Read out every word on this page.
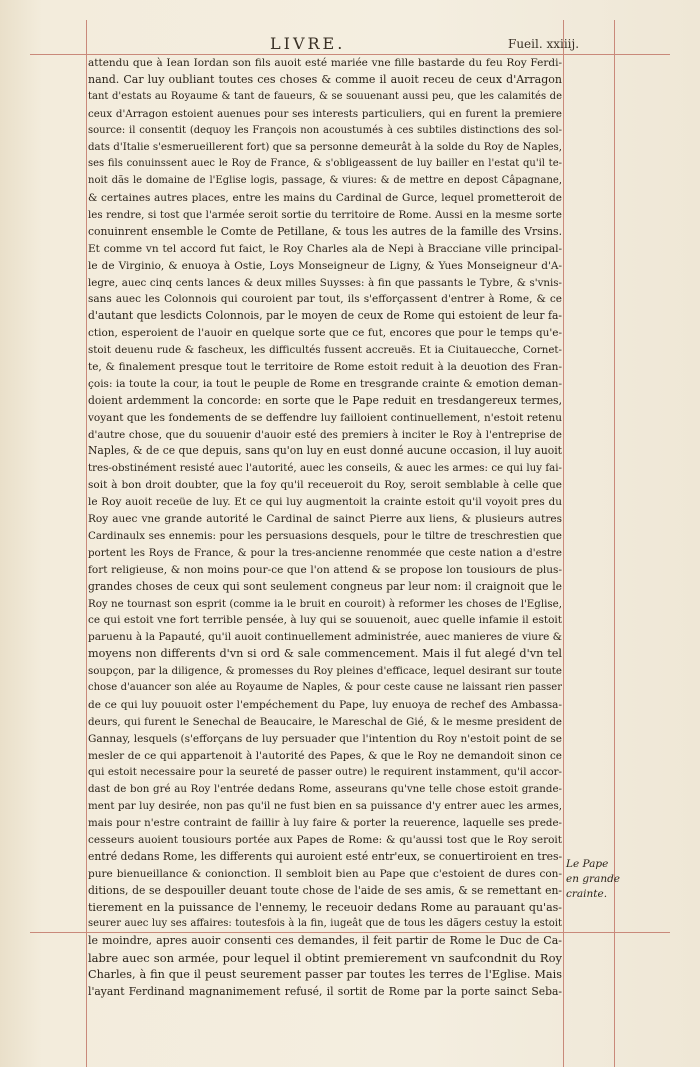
LIVRE.	Fueil. xxiiij.
attendu que à Iean Iordan son fils auoit esté mariée vne fille bastarde du feu Roy Ferdi-
nand. Car luy oubliant toutes ces choses & comme il auoit receu de ceux d'Arragon
tant d'estats au Royaume & tant de faueurs, & se souuenant aussi peu, que les calamités de
ceux d'Arragon estoient auenues pour ses interests particuliers, qui en furent la premiere
source: il consentit (dequoy les François non acoustumés à ces subtiles distinctions des sol-
dats d'Italie s'esmerueillerent fort) que sa personne demeurât à la solde du Roy de Naples,
ses fils conuinssent auec le Roy de France, & s'obligeassent de luy bailler en l'estat qu'il te-
noit dãs le domaine de l'Eglise logis, passage, & viures: & de mettre en depost Câpagnane,
& certaines autres places, entre les mains du Cardinal de Gurce, lequel prometteroit de
les rendre, si tost que l'armée seroit sortie du territoire de Rome. Aussi en la mesme sorte
conuinrent ensemble le Comte de Petillane, & tous les autres de la famille des Vrsins.
Et comme vn tel accord fut faict, le Roy Charles ala de Nepi à Bracciane ville principal-
le de Virginio, & enuoya à Ostie, Loys Monseigneur de Ligny, & Yues Monseigneur d'A-
legre, auec cinq cents lances & deux milles Suysses: à fin que passants le Tybre, & s'vnis-
sans auec les Colonnois qui couroient par tout, ils s'efforçassent d'entrer à Rome, & ce
d'autant que lesdicts Colonnois, par le moyen de ceux de Rome qui estoient de leur fa-
ction, esperoient de l'auoir en quelque sorte que ce fut, encores que pour le temps qu'e-
stoit deuenu rude & fascheux, les difficultés fussent accreuës. Et ia Ciuitauecche, Cornet-
te, & finalement presque tout le territoire de Rome estoit reduit à la deuotion des Fran-
çois: ia toute la cour, ia tout le peuple de Rome en tresgrande crainte & emotion deman-
doient ardemment la concorde: en sorte que le Pape reduit en tresdangereux termes,
voyant que les fondements de se deffendre luy failloient continuellement, n'estoit retenu
d'autre chose, que du souuenir d'auoir esté des premiers à inciter le Roy à l'entreprise de
Naples, & de ce que depuis, sans qu'on luy en eust donné aucune occasion, il luy auoit
tres-obstinément resisté auec l'autorité, auec les conseils, & auec les armes: ce qui luy fai-
soit à bon droit doubter, que la foy qu'il receueroit du Roy, seroit semblable à celle que
le Roy auoit receüe de luy. Et ce qui luy augmentoit la crainte estoit qu'il voyoit pres du
Roy auec vne grande autorité le Cardinal de sainct Pierre aux liens, & plusieurs autres
Cardinaulx ses ennemis: pour les persuasions desquels, pour le tiltre de treschrestien que
portent les Roys de France, & pour la tres-ancienne renommée que ceste nation a d'estre
fort religieuse, & non moins pour-ce que l'on attend & se propose lon tousiours de plus-
grandes choses de ceux qui sont seulement congneus par leur nom: il craignoit que le
Roy ne tournast son esprit (comme ia le bruit en couroit) à reformer les choses de l'Eglise,
ce qui estoit vne fort terrible pensée, à luy qui se souuenoit, auec quelle infamie il estoit
paruenu à la Papauté, qu'il auoit continuellement administrée, auec manieres de viure &
moyens non differents d'vn si ord & sale commencement. Mais il fut alegé d'vn tel
soupçon, par la diligence, & promesses du Roy pleines d'efficace, lequel desirant sur toute
chose d'auancer son alée au Royaume de Naples, & pour ceste cause ne laissant rien passer
de ce qui luy pouuoit oster l'empéchement du Pape, luy enuoya de rechef des Ambassa-
deurs, qui furent le Senechal de Beaucaire, le Mareschal de Gié, & le mesme president de
Gannay, lesquels (s'efforçans de luy persuader que l'intention du Roy n'estoit point de se
mesler de ce qui appartenoit à l'autorité des Papes, & que le Roy ne demandoit sinon ce
qui estoit necessaire pour la seureté de passer outre) le requirent instamment, qu'il accor-
dast de bon gré au Roy l'entrée dedans Rome, asseurans qu'vne telle chose estoit grande-
ment par luy desirée, non pas qu'il ne fust bien en sa puissance d'y entrer auec les armes,
mais pour n'estre contraint de faillir à luy faire & porter la reuerence, laquelle ses prede-
cesseurs auoient tousiours portée aux Papes de Rome: & qu'aussi tost que le Roy seroit
entré dedans Rome, les differents qui auroient esté entr'eux, se conuertiroient en tres-
pure bienueillance & conionction. Il sembloit bien au Pape que c'estoient de dures con-
ditions, de se despouiller deuant toute chose de l'aide de ses amis, & se remettant en-
tierement en la puissance de l'ennemy, le receuoir dedans Rome au parauant qu'as-
seurer auec luy ses affaires: toutesfois à la fin, iugeât que de tous les dãgers cestuy la estoit
le moindre, apres auoir consenti ces demandes, il feit partir de Rome le Duc de Ca-
labre auec son armée, pour lequel il obtint premierement vn saufcondnit du Roy
Charles, à fin que il peust seurement passer par toutes les terres de l'Eglise. Mais
l'ayant Ferdinand magnanimement refusé, il sortit de Rome par la porte sainct Seba-
Le Pape
en grande
crainte.
